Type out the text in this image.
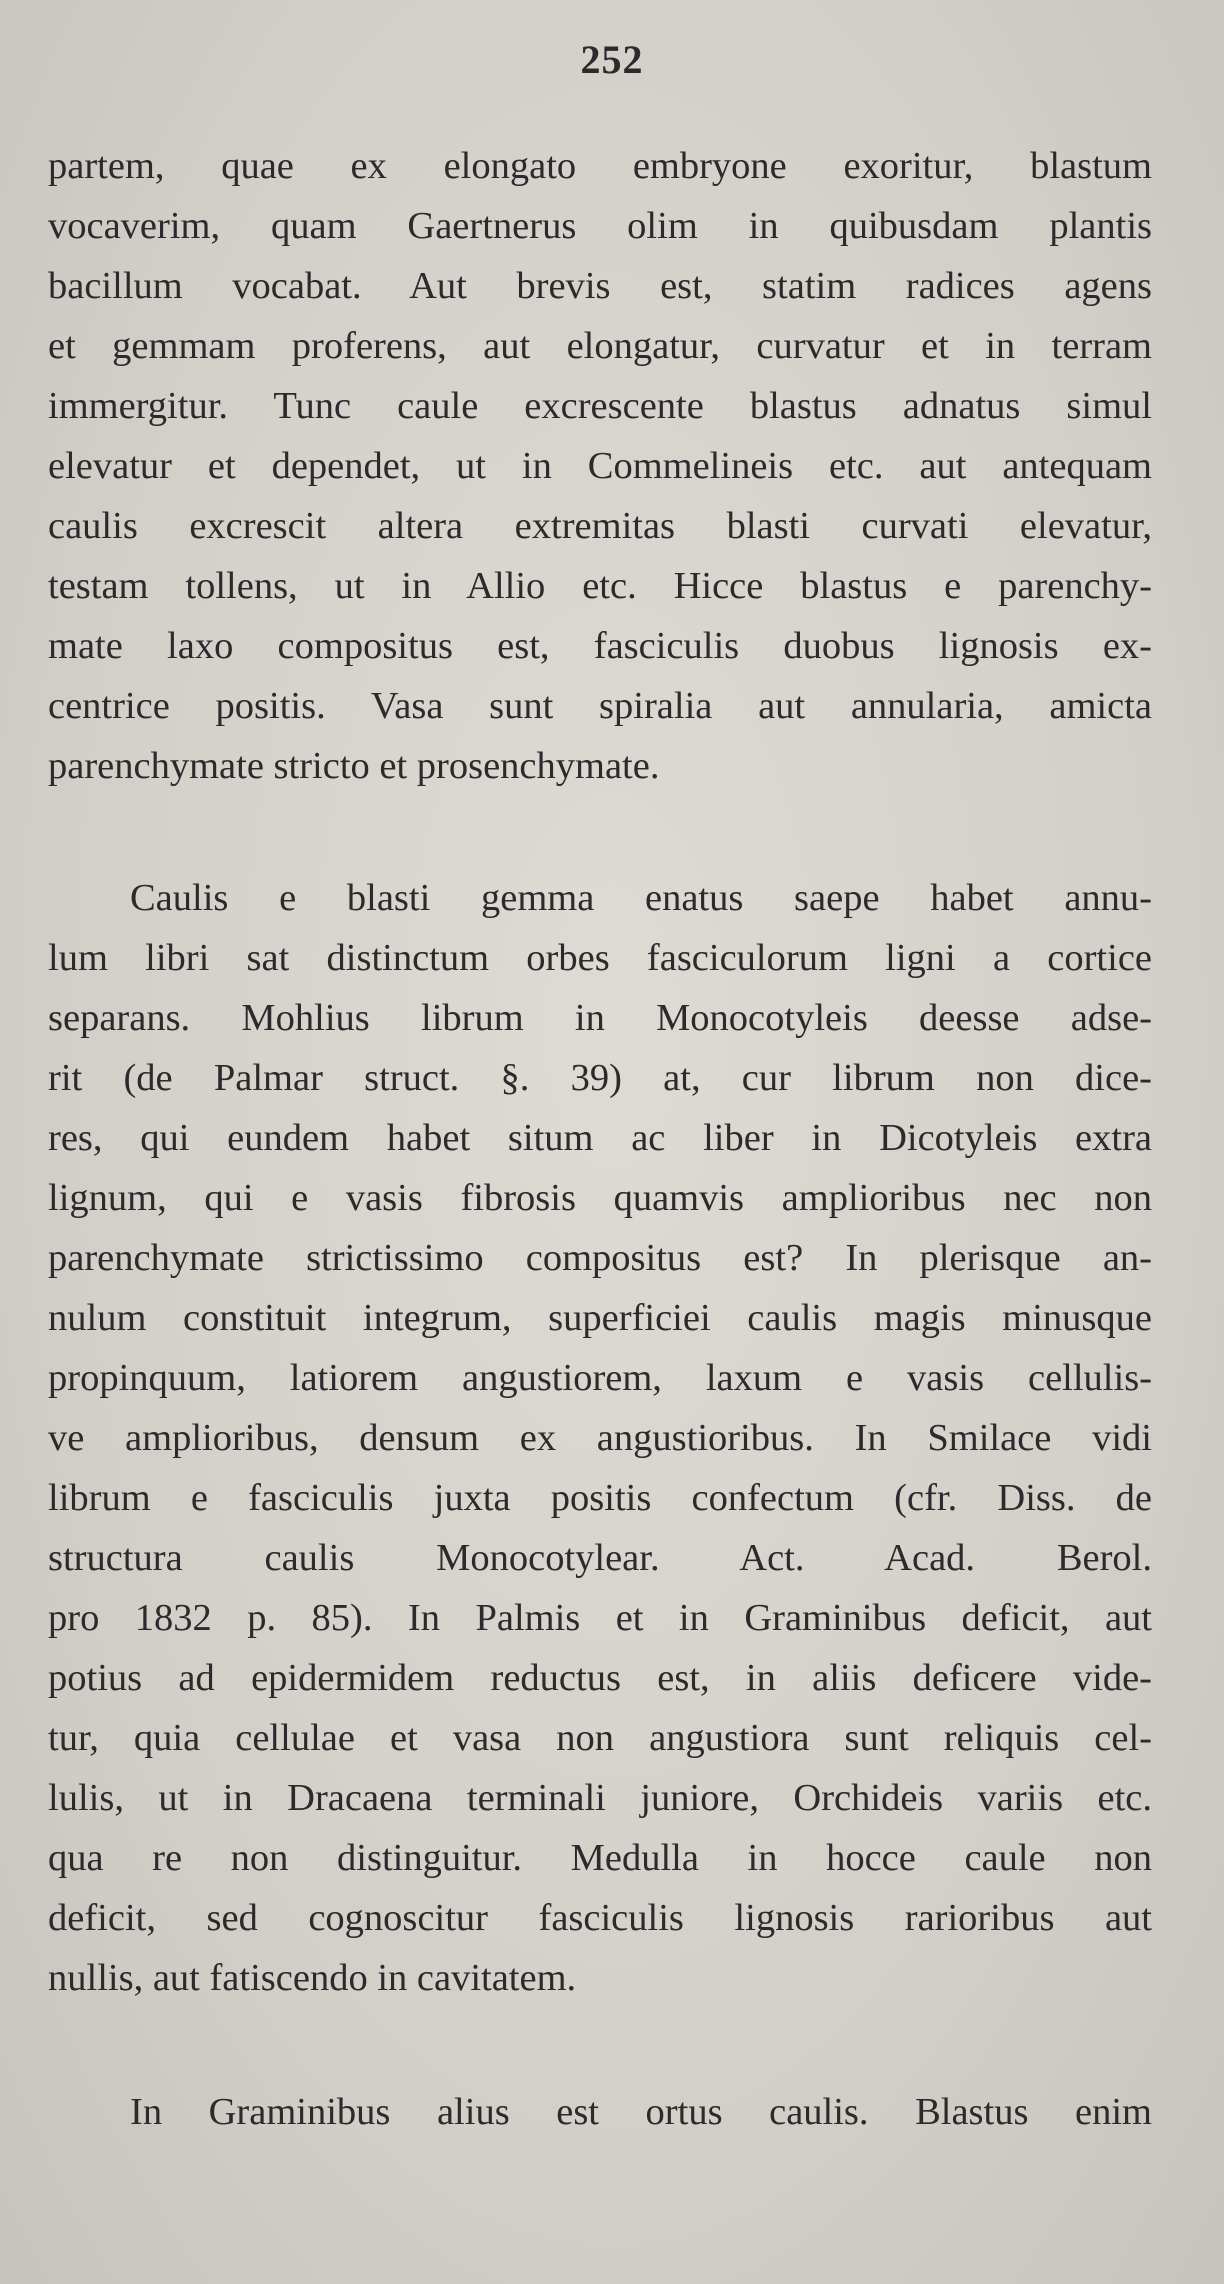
252
partem, quae ex elongato embryone exoritur, blastum
vocaverim, quam Gaertnerus olim in quibusdam plantis
bacillum vocabat. Aut brevis est, statim radices agens
et gemmam proferens, aut elongatur, curvatur et in terram
immergitur. Tunc caule excrescente blastus adnatus simul
elevatur et dependet, ut in Commelineis etc. aut antequam
caulis excrescit altera extremitas blasti curvati elevatur,
testam tollens, ut in Allio etc. Hicce blastus e parenchy-
mate laxo compositus est, fasciculis duobus lignosis ex-
centrice positis. Vasa sunt spiralia aut annularia, amicta
parenchymate stricto et prosenchymate.
Caulis e blasti gemma enatus saepe habet annu-
lum libri sat distinctum orbes fasciculorum ligni a cortice
separans. Mohlius librum in Monocotyleis deesse adse-
rit (de Palmar struct. §. 39) at, cur librum non dice-
res, qui eundem habet situm ac liber in Dicotyleis extra
lignum, qui e vasis fibrosis quamvis amplioribus nec non
parenchymate strictissimo compositus est? In plerisque an-
nulum constituit integrum, superficiei caulis magis minusque
propinquum, latiorem angustiorem, laxum e vasis cellulis-
ve amplioribus, densum ex angustioribus. In Smilace vidi
librum e fasciculis juxta positis confectum (cfr. Diss. de
structura caulis Monocotylear. Act. Acad. Berol.
pro 1832 p. 85). In Palmis et in Graminibus deficit, aut
potius ad epidermidem reductus est, in aliis deficere vide-
tur, quia cellulae et vasa non angustiora sunt reliquis cel-
lulis, ut in Dracaena terminali juniore, Orchideis variis etc.
qua re non distinguitur. Medulla in hocce caule non
deficit, sed cognoscitur fasciculis lignosis rarioribus aut
nullis, aut fatiscendo in cavitatem.
In Graminibus alius est ortus caulis. Blastus enim
